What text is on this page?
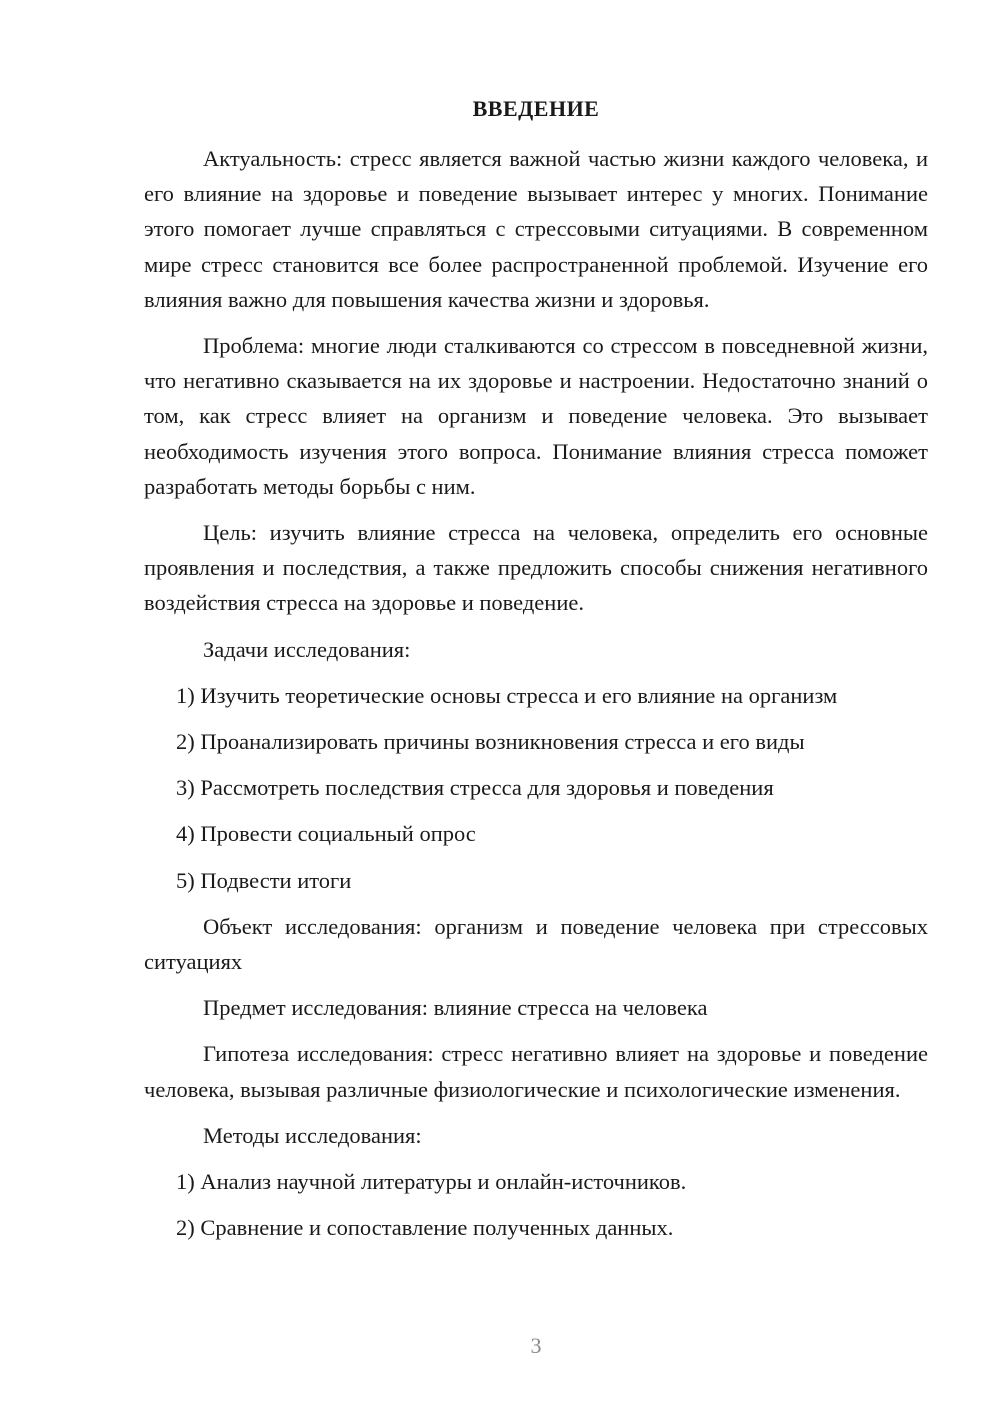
ВВЕДЕНИЕ

Актуальность: стресс является важной частью жизни каждого человека, и его влияние на здоровье и поведение вызывает интерес у многих. Понимание этого помогает лучше справляться с стрессовыми ситуациями. В современном мире стресс становится все более распространенной проблемой. Изучение его влияния важно для повышения качества жизни и здоровья.

Проблема: многие люди сталкиваются со стрессом в повседневной жизни, что негативно сказывается на их здоровье и настроении. Недостаточно знаний о том, как стресс влияет на организм и поведение человека. Это вызывает необходимость изучения этого вопроса. Понимание влияния стресса поможет разработать методы борьбы с ним.

Цель: изучить влияние стресса на человека, определить его основные проявления и последствия, а также предложить способы снижения негативного воздействия стресса на здоровье и поведение.

Задачи исследования:

1) Изучить теоретические основы стресса и его влияние на организм

2) Проанализировать причины возникновения стресса и его виды

3) Рассмотреть последствия стресса для здоровья и поведения

4) Провести социальный опрос

5) Подвести итоги

Объект исследования: организм и поведение человека при стрессовых ситуациях

Предмет исследования: влияние стресса на человека

Гипотеза исследования: стресс негативно влияет на здоровье и поведение человека, вызывая различные физиологические и психологические изменения.

Методы исследования:

1) Анализ научной литературы и онлайн-источников.

2) Сравнение и сопоставление полученных данных.

3
